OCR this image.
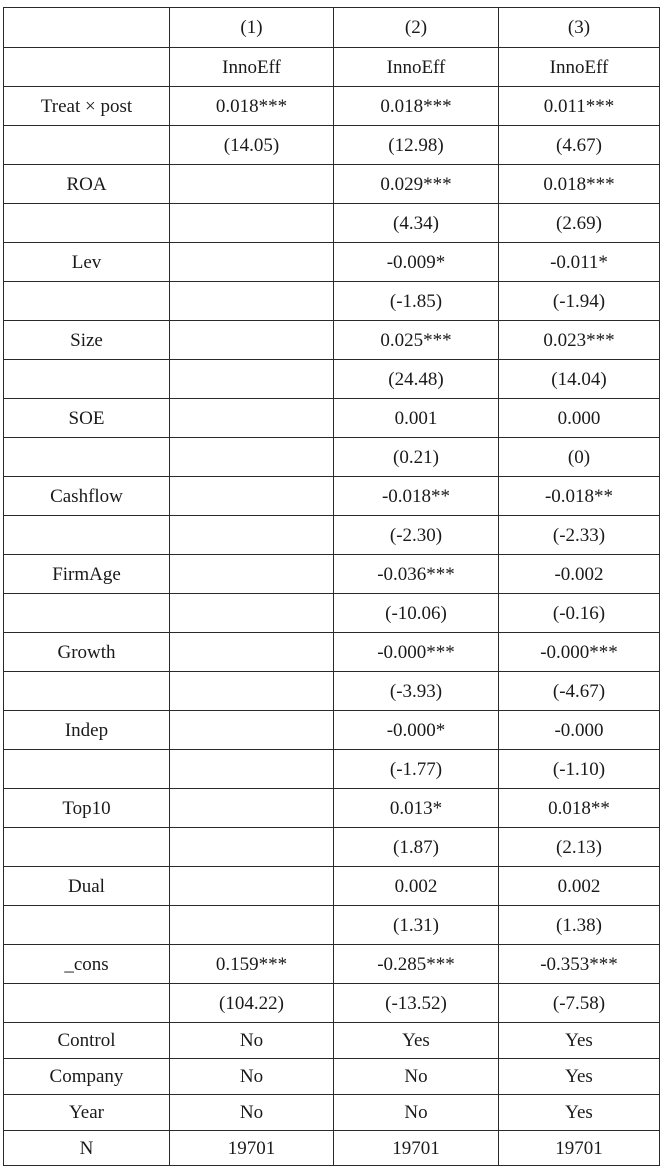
	(1)	(2)	(3)
	InnoEff	InnoEff	InnoEff
Treat × post	0.018***	0.018***	0.011***
	(14.05)	(12.98)	(4.67)
ROA		0.029***	0.018***
		(4.34)	(2.69)
Lev		-0.009*	-0.011*
		(-1.85)	(-1.94)
Size		0.025***	0.023***
		(24.48)	(14.04)
SOE		0.001	0.000
		(0.21)	(0)
Cashflow		-0.018**	-0.018**
		(-2.30)	(-2.33)
FirmAge		-0.036***	-0.002
		(-10.06)	(-0.16)
Growth		-0.000***	-0.000***
		(-3.93)	(-4.67)
Indep		-0.000*	-0.000
		(-1.77)	(-1.10)
Top10		0.013*	0.018**
		(1.87)	(2.13)
Dual		0.002	0.002
		(1.31)	(1.38)
_cons	0.159***	-0.285***	-0.353***
	(104.22)	(-13.52)	(-7.58)
Control	No	Yes	Yes
Company	No	No	Yes
Year	No	No	Yes
N	19701	19701	19701
